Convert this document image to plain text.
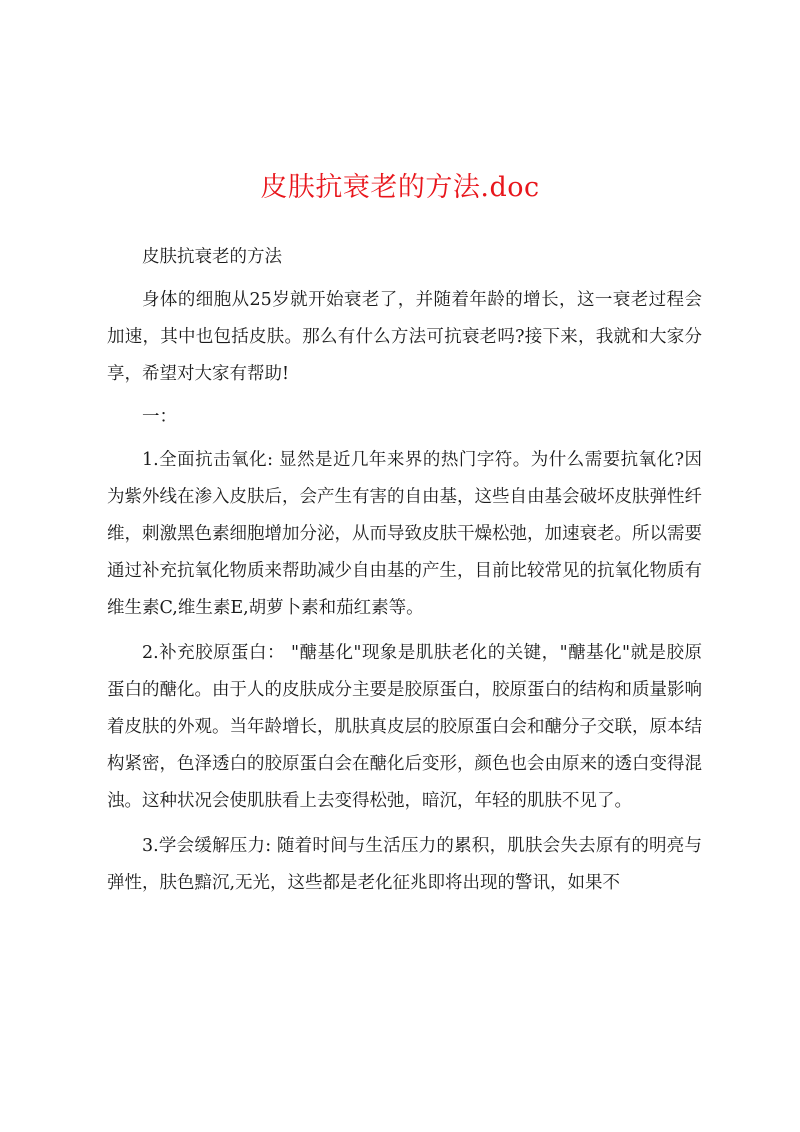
皮肤抗衰老的方法.doc

皮肤抗衰老的方法

身体的细胞从25岁就开始衰老了，并随着年龄的增长，这一衰老过程会加速，其中也包括皮肤。那么有什么方法可抗衰老吗?接下来，我就和大家分享，希望对大家有帮助!

一：

1.全面抗击氧化: 显然是近几年来界的热门字符。为什么需要抗氧化?因为紫外线在渗入皮肤后，会产生有害的自由基，这些自由基会破坏皮肤弹性纤维，刺激黑色素细胞增加分泌，从而导致皮肤干燥松弛，加速衰老。所以需要通过补充抗氧化物质来帮助减少自由基的产生，目前比较常见的抗氧化物质有维生素C,维生素E,胡萝卜素和茄红素等。

2.补充胶原蛋白： "醣基化"现象是肌肤老化的关键，"醣基化"就是胶原蛋白的醣化。由于人的皮肤成分主要是胶原蛋白，胶原蛋白的结构和质量影响着皮肤的外观。当年龄增长，肌肤真皮层的胶原蛋白会和醣分子交联，原本结构紧密，色泽透白的胶原蛋白会在醣化后变形，颜色也会由原来的透白变得混浊。这种状况会使肌肤看上去变得松弛，暗沉，年轻的肌肤不见了。

3.学会缓解压力: 随着时间与生活压力的累积，肌肤会失去原有的明亮与弹性，肤色黯沉,无光，这些都是老化征兆即将出现的警讯，如果不
